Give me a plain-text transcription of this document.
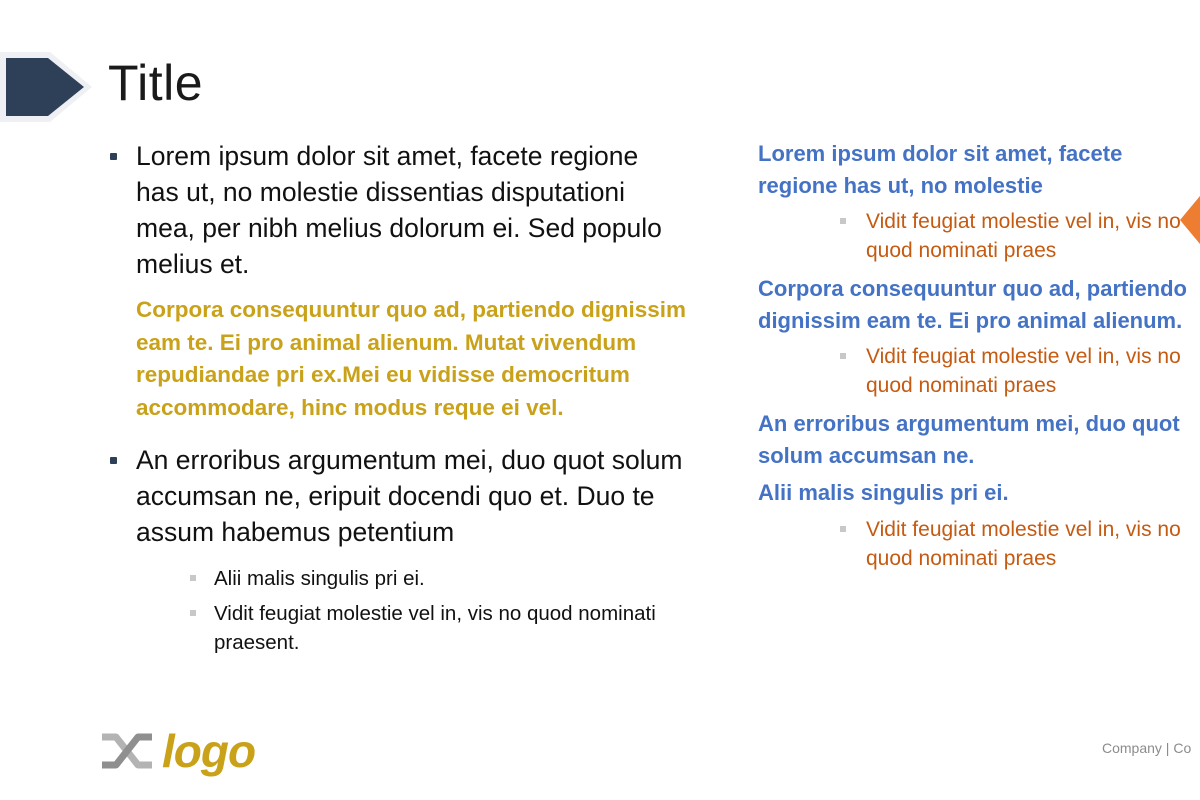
Title
Lorem ipsum dolor sit amet, facete regione has ut, no molestie dissentias disputationi mea, per nibh melius dolorum ei. Sed populo melius et.
Corpora consequuntur quo ad, partiendo dignissim eam te. Ei pro animal alienum. Mutat vivendum repudiandae pri ex.Mei eu vidisse democritum accommodare, hinc modus reque ei vel.
An erroribus argumentum mei, duo quot solum accumsan ne, eripuit docendi quo et. Duo te assum habemus petentium
Alii malis singulis pri ei.
Vidit feugiat molestie vel in, vis no quod nominati praesent.
Lorem ipsum dolor sit amet, facete regione has ut, no molestie
Vidit feugiat molestie vel in, vis no quod nominati praes
Corpora consequuntur quo ad, partiendo dignissim eam te. Ei pro animal alienum.
Vidit feugiat molestie vel in, vis no quod nominati praes
An erroribus argumentum mei, duo quot solum accumsan ne.
Alii malis singulis pri ei.
Vidit feugiat molestie vel in, vis no quod nominati praes
logo	Company | Co
